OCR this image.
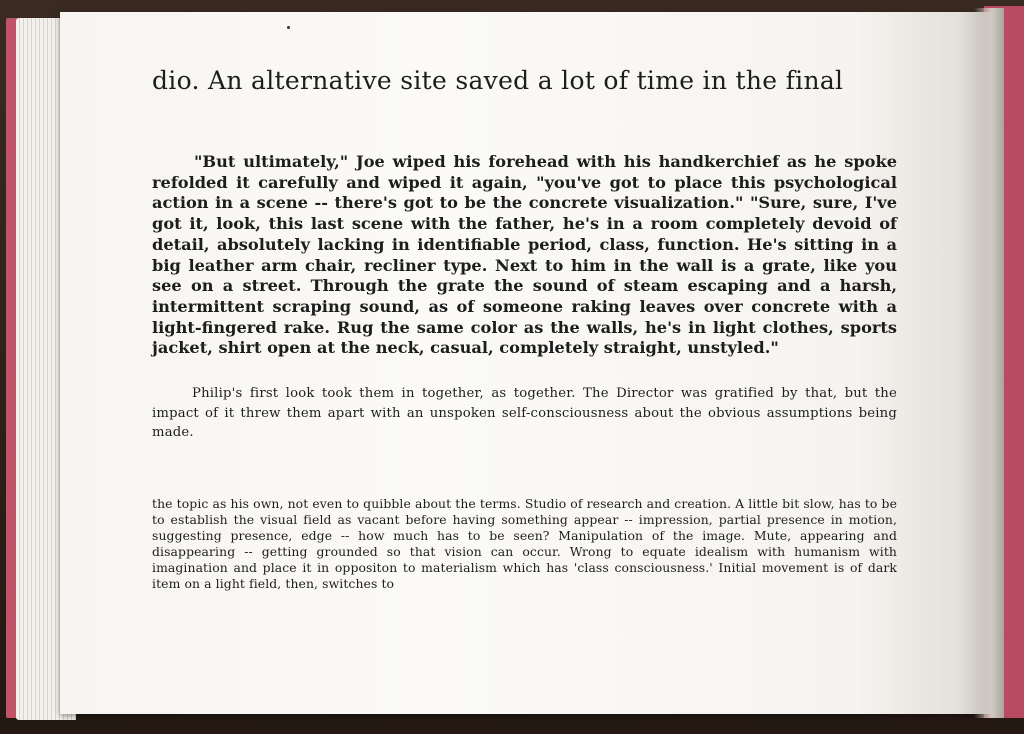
dio. An alternative site saved a lot of time in the final
"But ultimately," Joe wiped his forehead with his handkerchief as he spoke refolded it carefully and wiped it again, "you've got to place this psychological action in a scene -- there's got to be the concrete visualization." "Sure, sure, I've got it, look, this last scene with the father, he's in a room completely devoid of detail, absolutely lacking in identifiable period, class, function. He's sitting in a big leather arm chair, recliner type. Next to him in the wall is a grate, like you see on a street. Through the grate the sound of steam escaping and a harsh, intermittent scraping sound, as of someone raking leaves over concrete with a light-fingered rake. Rug the same color as the walls, he's in light clothes, sports jacket, shirt open at the neck, casual, completely straight, unstyled."
Philip's first look took them in together, as together. The Director was gratified by that, but the impact of it threw them apart with an unspoken self-consciousness about the obvious assumptions being made.
the topic as his own, not even to quibble about the terms. Studio of research and creation. A little bit slow, has to be to establish the visual field as vacant before having something appear -- impression, partial presence in motion, suggesting presence, edge -- how much has to be seen? Manipulation of the image. Mute, appearing and disappearing -- getting grounded so that vision can occur. Wrong to equate idealism with humanism with imagination and place it in oppositon to materialism which has 'class consciousness.' Initial movement is of dark item on a light field, then, switches to
